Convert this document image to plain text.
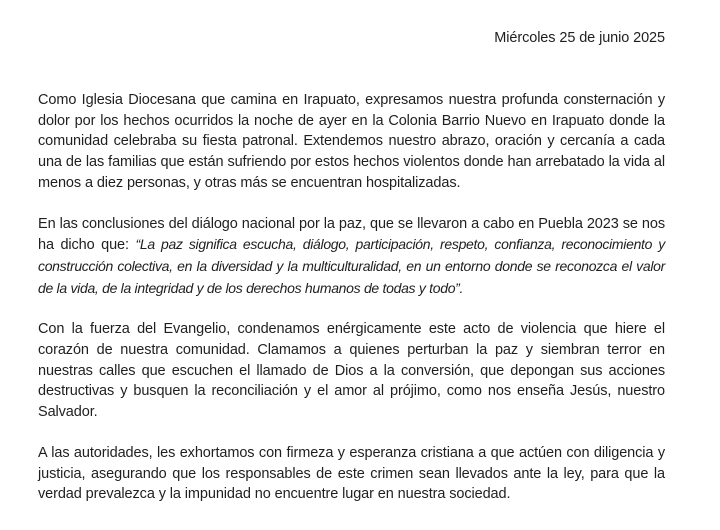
Miércoles 25 de junio 2025

Como Iglesia Diocesana que camina en Irapuato, expresamos nuestra profunda consternación y dolor por los hechos ocurridos la noche de ayer en la Colonia Barrio Nuevo en Irapuato donde la comunidad celebraba su fiesta patronal. Extendemos nuestro abrazo, oración y cercanía a cada una de las familias que están sufriendo por estos hechos violentos donde han arrebatado la vida al menos a diez personas, y otras más se encuentran hospitalizadas.

En las conclusiones del diálogo nacional por la paz, que se llevaron a cabo en Puebla 2023 se nos ha dicho que: “La paz significa escucha, diálogo, participación, respeto, confianza, reconocimiento y construcción colectiva, en la diversidad y la multiculturalidad, en un entorno donde se reconozca el valor de la vida, de la integridad y de los derechos humanos de todas y todo”.

Con la fuerza del Evangelio, condenamos enérgicamente este acto de violencia que hiere el corazón de nuestra comunidad. Clamamos a quienes perturban la paz y siembran terror en nuestras calles que escuchen el llamado de Dios a la conversión, que depongan sus acciones destructivas y busquen la reconciliación y el amor al prójimo, como nos enseña Jesús, nuestro Salvador.

A las autoridades, les exhortamos con firmeza y esperanza cristiana a que actúen con diligencia y justicia, asegurando que los responsables de este crimen sean llevados ante la ley, para que la verdad prevalezca y la impunidad no encuentre lugar en nuestra sociedad.
